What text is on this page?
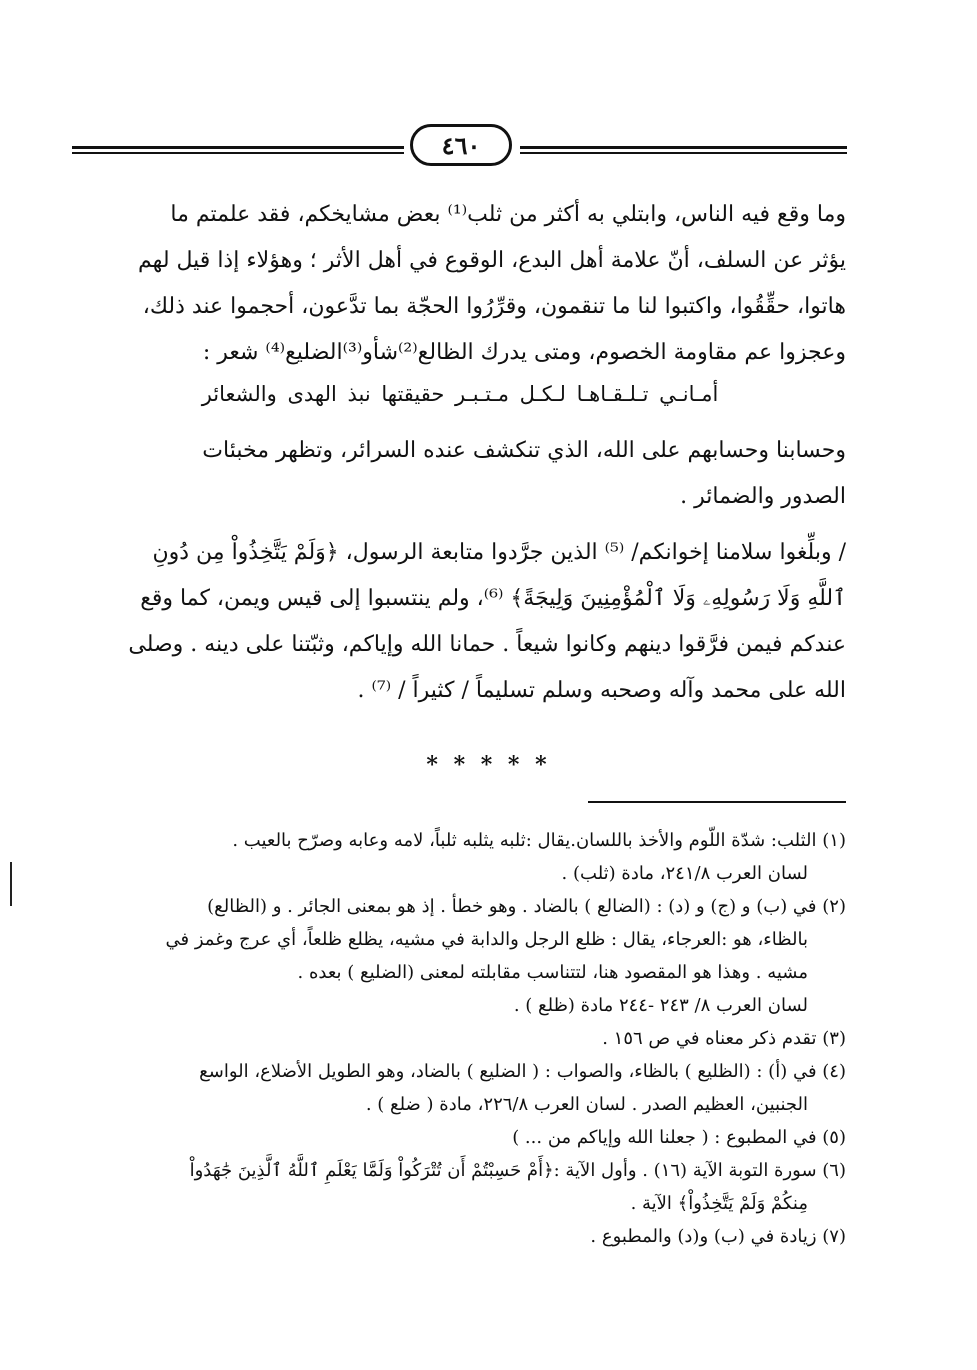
٤٦٠

وما وقع فيه الناس، وابتلي به أكثر من ثلب⁽¹⁾ بعض مشايخكم، فقد علمتم ما
يؤثر عن السلف، أنّ علامة أهل البدع، الوقوع في أهل الأثر ؛ وهؤلاء إذا قيل لهم
هاتوا، حقِّقُوا، واكتبوا لنا ما تنقمون، وقرِّرُوا الحجّة بما تدَّعون، أحجموا عند ذلك،
وعجزوا عم مقاومة الخصوم، ومتى يدرك الظالع⁽²⁾شأو⁽³⁾الضليع⁽⁴⁾ شعر :

أمـانـي تـلـقـاهـا لـكـل مـتـبـر حقيقتها نبذ الهدى والشعائر

وحسابنا وحسابهم على الله، الذي تنكشف عنده السرائر، وتظهر مخبئات
الصدور والضمائر .

/ وبلِّغوا سلامنا إخوانكم/ ⁽⁵⁾ الذين جرَّدوا متابعة الرسول، ﴿وَلَمْ يَتَّخِذُواْ مِن دُونِ
ٱللَّهِ وَلَا رَسُولِهِۦ وَلَا ٱلْمُؤْمِنِينَ وَلِيجَةً﴾ ⁽⁶⁾، ولم ينتسبوا إلى قيس ويمن، كما وقع
عندكم فيمن فرَّقوا دينهم وكانوا شيعاً . حمانا الله وإياكم، وثبّتنا على دينه . وصلى
الله على محمد وآله وصحبه وسلم تسليماً / كثيراً / ⁽⁷⁾ .

* * * * *

(١) الثلب: شدّة اللّوم والأخذ باللسان.يقال :ثلبه يثلبه ثلباً، لامه وعابه وصرّح بالعيب .
لسان العرب ٢٤١/٨، مادة (ثلب) .

(٢) في (ب) و (ج) و (د) : (الضالع ) بالضاد . وهو خطأ . إذ هو بمعنى الجائر . و (الظالع)
بالظاء، هو :العرجاء، يقال : ظلع الرجل والدابة في مشيه، يظلع ظلعاً، أي عرج وغمز في
مشيه . وهذا هو المقصود هنا، لتتناسب مقابلته لمعنى (الضليع ) بعده .
لسان العرب ٨/ ٢٤٣ -٢٤٤ مادة (ظلع ) .

(٣) تقدم ذكر معناه في ص ١٥٦ .

(٤) في (أ) : (الظليع ) بالظاء، والصواب : ( الضليع ) بالضاد، وهو الطويل الأضلاع، الواسع
الجنبين، العظيم الصدر . لسان العرب ٢٢٦/٨، مادة ( ضلع ) .

(٥) في المطبوع : ( جعلنا الله وإياكم من ... )

(٦) سورة التوبة الآية (١٦) . وأول الآية :﴿أَمْ حَسِبْتُمْ أَن تُتْرَكُواْ وَلَمَّا يَعْلَمِ ٱللَّهُ ٱلَّذِينَ جَٰهَدُواْ
مِنكُمْ وَلَمْ يَتَّخِذُواْ﴾ الآية .

(٧) زيادة في (ب) و(د) والمطبوع .
